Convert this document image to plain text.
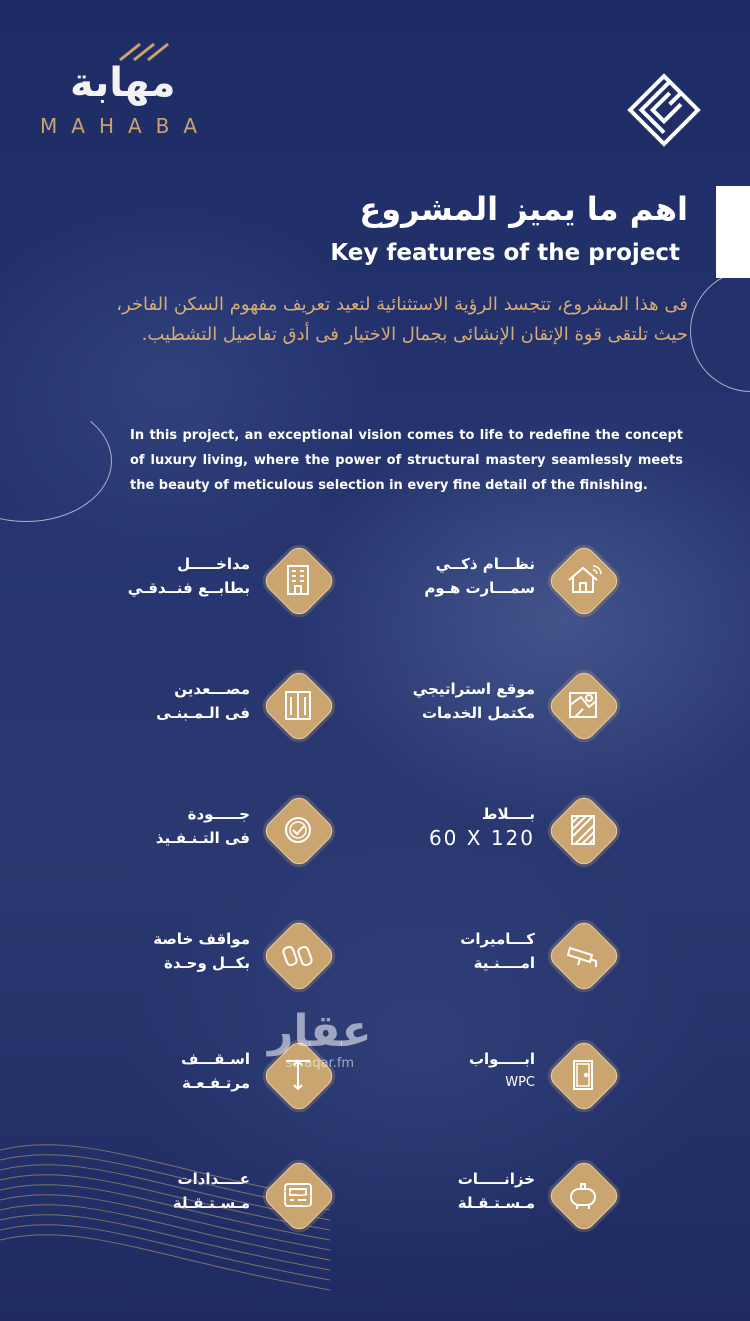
مهابة
MAHABA
اهم ما يميز المشروع
Key features of the project
فى هذا المشروع، تتجسد الرؤية الاستثنائية لتعيد تعريف مفهوم السكن الفاخر، حيث تلتقى قوة الإتقان الإنشائى بجمال الاختيار فى أدق تفاصيل التشطيب.
In this project, an exceptional vision comes to life to redefine the concept of luxury living, where the power of structural mastery seamlessly meets the beauty of meticulous selection in every fine detail of the finishing.
نظـــام ذكــي
سمـــارت هـوم
مداخـــــل
بطابــع فنــدقـي
موقع استراتيجي
مكتمل الخدمات
مصـــعدين
فى الـمـبنـى
بــــلاط
60 X 120
جـــــودة
فى التـنـفـيذ
كـــاميرات
امــــنـية
مواقف خاصة
بكــل وحـدة
ابـــــواب
WPC
اسـقـــف
مرتـفـعـة
خزانـــــات
مـسـتـقـلة
عــــدادات
مـسـتـقـلة
عقار
sa.aqar.fm
